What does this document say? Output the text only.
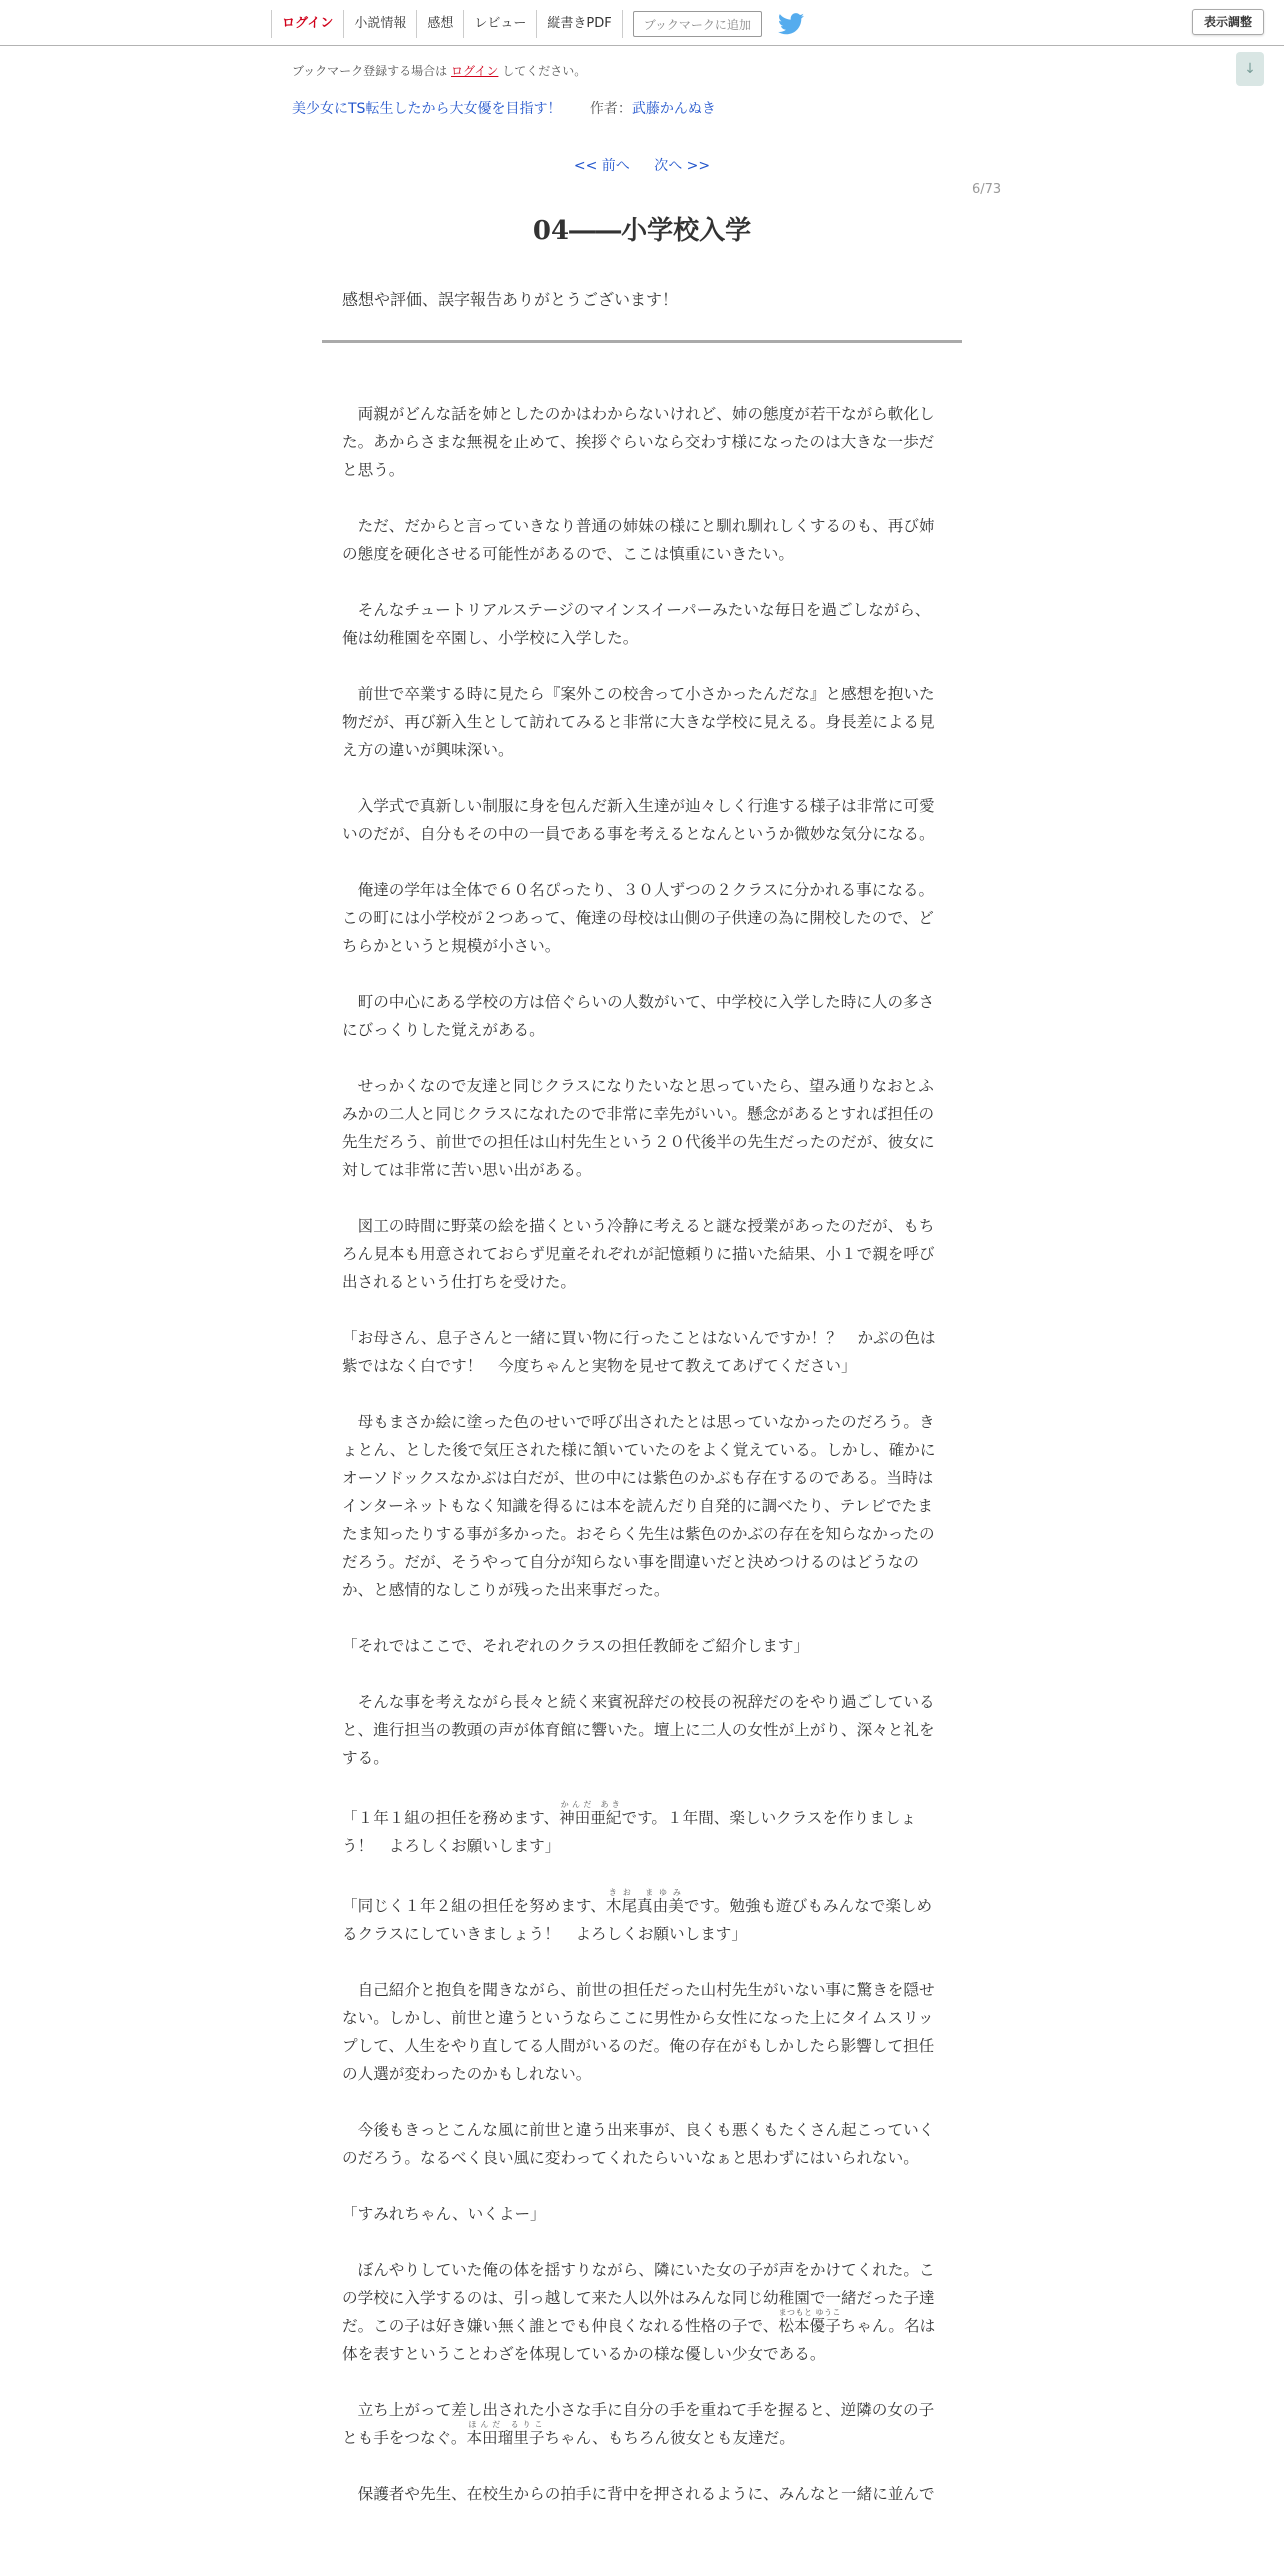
ログイン	小説情報	感想	レビュー	縦書きPDF	ブックマークに追加	表示調整
↓
ブックマーク登録する場合は ログイン してください。
美少女にTS転生したから大女優を目指す！ 作者：武藤かんぬき
<< 前へ 次へ >>
6/73
04――小学校入学
感想や評価、誤字報告ありがとうございます！

　両親がどんな話を姉としたのかはわからないけれど、姉の態度が若干ながら軟化した。あからさまな無視を止めて、挨拶ぐらいなら交わす様になったのは大きな一歩だと思う。

　ただ、だからと言っていきなり普通の姉妹の様にと馴れ馴れしくするのも、再び姉の態度を硬化させる可能性があるので、ここは慎重にいきたい。

　そんなチュートリアルステージのマインスイーパーみたいな毎日を過ごしながら、俺は幼稚園を卒園し、小学校に入学した。

　前世で卒業する時に見たら『案外この校舎って小さかったんだな』と感想を抱いた物だが、再び新入生として訪れてみると非常に大きな学校に見える。身長差による見え方の違いが興味深い。

　入学式で真新しい制服に身を包んだ新入生達が辿々しく行進する様子は非常に可愛いのだが、自分もその中の一員である事を考えるとなんというか微妙な気分になる。

　俺達の学年は全体で６０名ぴったり、３０人ずつの２クラスに分かれる事になる。この町には小学校が２つあって、俺達の母校は山側の子供達の為に開校したので、どちらかというと規模が小さい。

　町の中心にある学校の方は倍ぐらいの人数がいて、中学校に入学した時に人の多さにびっくりした覚えがある。

　せっかくなので友達と同じクラスになりたいなと思っていたら、望み通りなおとふみかの二人と同じクラスになれたので非常に幸先がいい。懸念があるとすれば担任の先生だろう、前世での担任は山村先生という２０代後半の先生だったのだが、彼女に対しては非常に苦い思い出がある。

　図工の時間に野菜の絵を描くという冷静に考えると謎な授業があったのだが、もちろん見本も用意されておらず児童それぞれが記憶頼りに描いた結果、小１で親を呼び出されるという仕打ちを受けた。

「お母さん、息子さんと一緒に買い物に行ったことはないんですか！？　かぶの色は紫ではなく白です！　今度ちゃんと実物を見せて教えてあげてください」

　母もまさか絵に塗った色のせいで呼び出されたとは思っていなかったのだろう。きょとん、とした後で気圧された様に頷いていたのをよく覚えている。しかし、確かにオーソドックスなかぶは白だが、世の中には紫色のかぶも存在するのである。当時はインターネットもなく知識を得るには本を読んだり自発的に調べたり、テレビでたまたま知ったりする事が多かった。おそらく先生は紫色のかぶの存在を知らなかったのだろう。だが、そうやって自分が知らない事を間違いだと決めつけるのはどうなのか、と感情的なしこりが残った出来事だった。

「それではここで、それぞれのクラスの担任教師をご紹介します」

　そんな事を考えながら長々と続く来賓祝辞だの校長の祝辞だのをやり過ごしていると、進行担当の教頭の声が体育館に響いた。壇上に二人の女性が上がり、深々と礼をする。

「１年１組の担任を務めます、神田亜紀かんだ あきです。１年間、楽しいクラスを作りましょう！　よろしくお願いします」

「同じく１年２組の担任を努めます、木尾真由美きお まゆみです。勉強も遊びもみんなで楽しめるクラスにしていきましょう！　よろしくお願いします」

　自己紹介と抱負を聞きながら、前世の担任だった山村先生がいない事に驚きを隠せない。しかし、前世と違うというならここに男性から女性になった上にタイムスリップして、人生をやり直してる人間がいるのだ。俺の存在がもしかしたら影響して担任の人選が変わったのかもしれない。

　今後もきっとこんな風に前世と違う出来事が、良くも悪くもたくさん起こっていくのだろう。なるべく良い風に変わってくれたらいいなぁと思わずにはいられない。

「すみれちゃん、いくよー」

　ぼんやりしていた俺の体を揺すりながら、隣にいた女の子が声をかけてくれた。この学校に入学するのは、引っ越して来た人以外はみんな同じ幼稚園で一緒だった子達だ。この子は好き嫌い無く誰とでも仲良くなれる性格の子で、松本優子まつもと ゆうこちゃん。名は体を表すということわざを体現しているかの様な優しい少女である。

　立ち上がって差し出された小さな手に自分の手を重ねて手を握ると、逆隣の女の子とも手をつなぐ。本田瑠里子ほんだ るりこちゃん、もちろん彼女とも友達だ。

　保護者や先生、在校生からの拍手に背中を押されるように、みんなと一緒に並んで
